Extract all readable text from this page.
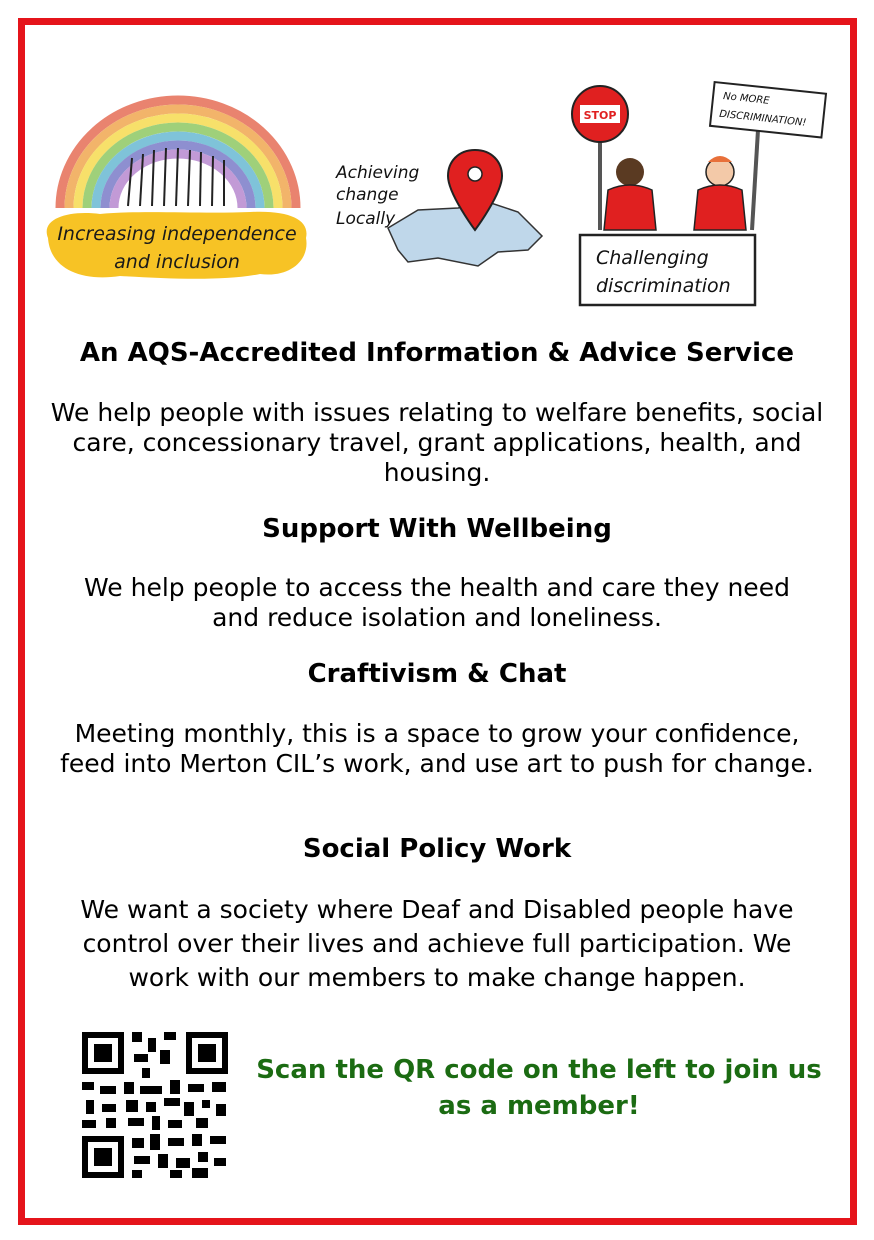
Increasing independence
and inclusion
Achieving
change
Locally
STOP
No MORE
DISCRIMINATION!
Challenging
discrimination
An AQS-Accredited Information & Advice Service
We help people with issues relating to welfare benefits, social care, concessionary travel, grant applications, health, and housing.
Support With Wellbeing
We help people to access the health and care they need and reduce isolation and loneliness.
Craftivism & Chat
Meeting monthly, this is a space to grow your confidence, feed into Merton CIL’s work, and use art to push for change.
Social Policy Work
We want a society where Deaf and Disabled people have control over their lives and achieve full participation. We work with our members to make change happen.
Scan the QR code on the left to join us
as a member!
